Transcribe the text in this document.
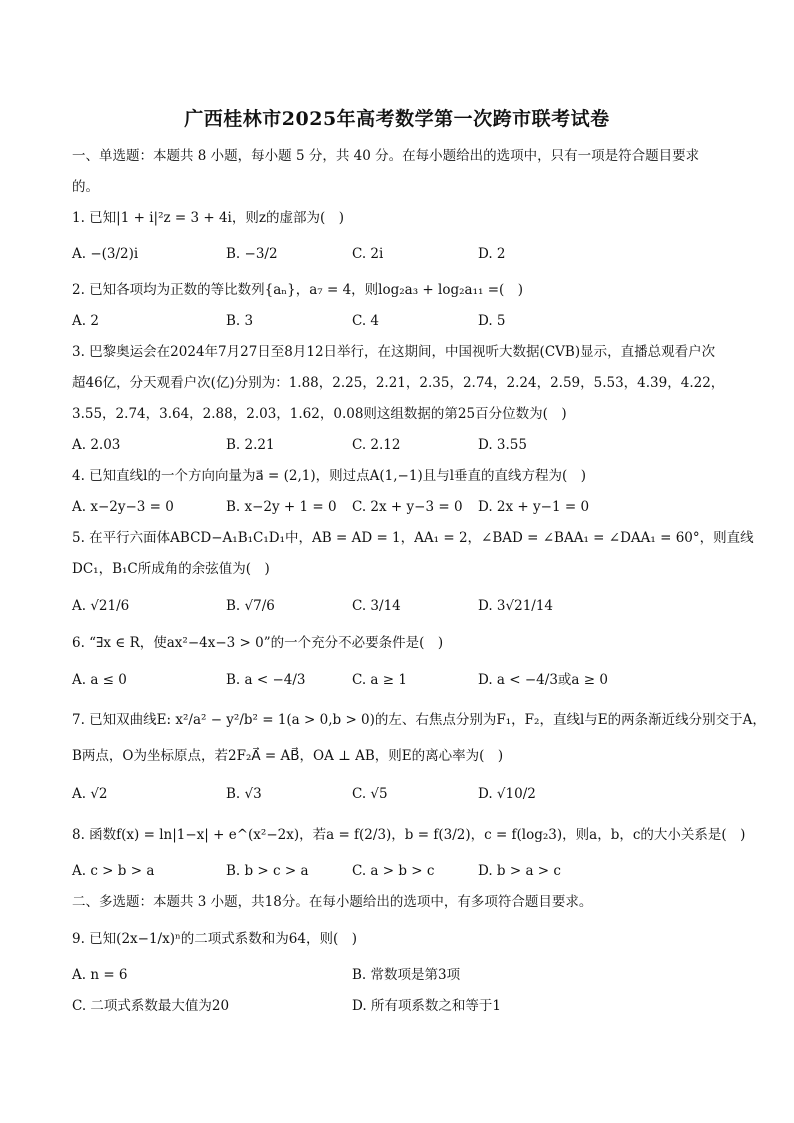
广西桂林市2025年高考数学第一次跨市联考试卷
一、单选题：本题共 8 小题，每小题 5 分，共 40 分。在每小题给出的选项中，只有一项是符合题目要求
的。
1. 已知|1 + i|²z = 3 + 4i，则z的虚部为(　)
A. −(3/2)i	B. −3/2	C. 2i	D. 2
2. 已知各项均为正数的等比数列{aₙ}，a₇ = 4，则log₂a₃ + log₂a₁₁ =(　)
A. 2	B. 3	C. 4	D. 5
3. 巴黎奥运会在2024年7月27日至8月12日举行，在这期间，中国视听大数据(CVB)显示，直播总观看户次
超46亿，分天观看户次(亿)分别为：1.88，2.25，2.21，2.35，2.74，2.24，2.59，5.53，4.39，4.22，
3.55，2.74，3.64，2.88，2.03，1.62，0.08则这组数据的第25百分位数为(　)
A. 2.03	B. 2.21	C. 2.12	D. 3.55
4. 已知直线l的一个方向向量为a⃗ = (2,1)，则过点A(1,−1)且与l垂直的直线方程为(　)
A. x−2y−3 = 0	B. x−2y + 1 = 0 C. 2x + y−3 = 0 D. 2x + y−1 = 0
5. 在平行六面体ABCD−A₁B₁C₁D₁中，AB = AD = 1，AA₁ = 2，∠BAD = ∠BAA₁ = ∠DAA₁ = 60°，则直线
DC₁，B₁C所成角的余弦值为(　)
A. √21/6	B. √7/6	C. 3/14	D. 3√21/14
6. “∃x ∈ R，使ax²−4x−3 > 0”的一个充分不必要条件是(　)
A. a ≤ 0	B. a < −4/3	C. a ≥ 1	D. a < −4/3或a ≥ 0
7. 已知双曲线E: x²/a² − y²/b² = 1(a > 0,b > 0)的左、右焦点分别为F₁，F₂，直线l与E的两条渐近线分别交于A，
B两点，O为坐标原点，若2F₂A⃗ = AB⃗，OA ⊥ AB，则E的离心率为(　)
A. √2	B. √3	C. √5	D. √10/2
8. 函数f(x) = ln|1−x| + e^(x²−2x)，若a = f(2/3)，b = f(3/2)，c = f(log₂3)，则a，b，c的大小关系是(　)
A. c > b > a	B. b > c > a	C. a > b > c	D. b > a > c
二、多选题：本题共 3 小题，共18分。在每小题给出的选项中，有多项符合题目要求。
9. 已知(2x−1/x)ⁿ的二项式系数和为64，则(　)
A. n = 6	B. 常数项是第3项
C. 二项式系数最大值为20	D. 所有项系数之和等于1
